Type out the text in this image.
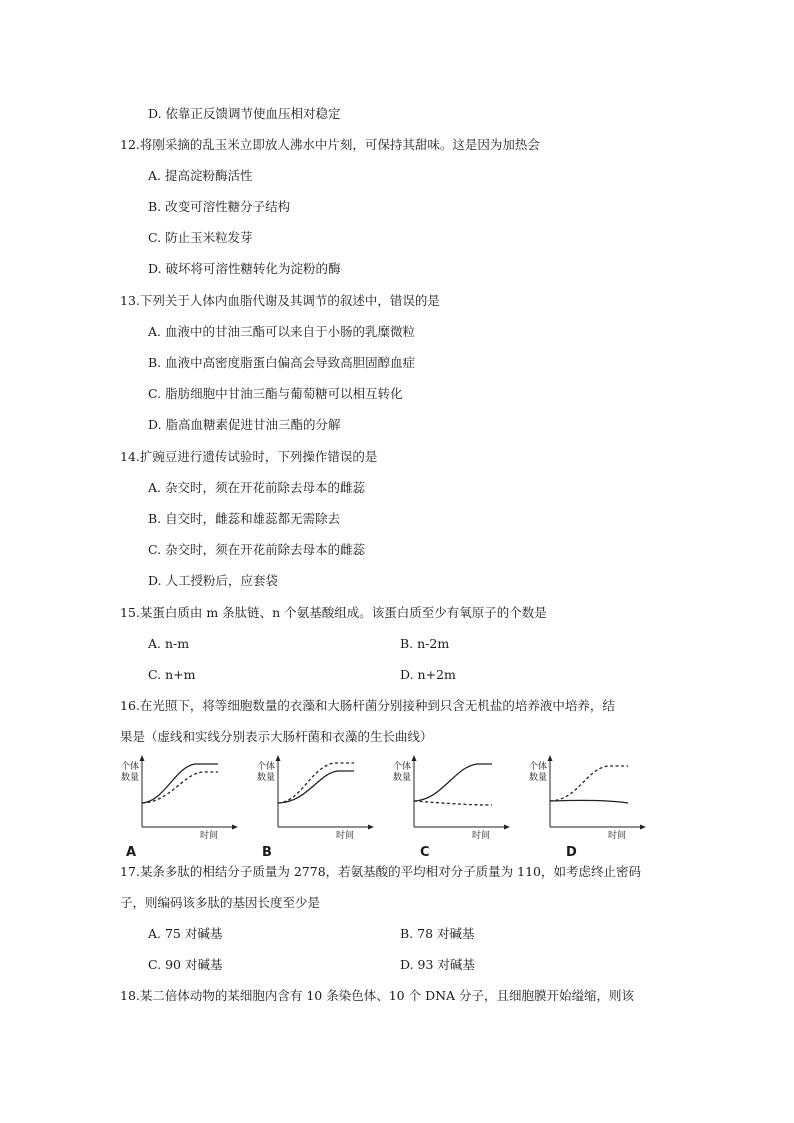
D. 依靠正反馈调节使血压相对稳定
12.将刚采摘的乱玉米立即放人沸水中片刻，可保持其甜味。这是因为加热会
A. 提高淀粉酶活性
B. 改变可溶性糖分子结构
C. 防止玉米粒发芽
D. 破坏将可溶性糖转化为淀粉的酶
13.下列关于人体内血脂代谢及其调节的叙述中，错误的是
A. 血液中的甘油三酯可以来自于小肠的乳糜微粒
B. 血液中高密度脂蛋白偏高会导致高胆固醇血症
C. 脂肪细胞中甘油三酯与葡萄糖可以相互转化
D. 脂高血糖素促进甘油三酯的分解
14.扩豌豆进行遗传试验时，下列操作错误的是
A. 杂交时，须在开花前除去母本的雌蕊
B. 自交时，雌蕊和雄蕊都无需除去
C. 杂交时，须在开花前除去母本的雌蕊
D. 人工授粉后，应套袋
15.某蛋白质由 m 条肽链、n 个氨基酸组成。该蛋白质至少有氧原子的个数是
A. n-m	B. n-2m
C. n+m	D. n+2m
16.在光照下，将等细胞数量的衣藻和大肠杆菌分别接种到只含无机盐的培养液中培养，结
果是（虚线和实线分别表示大肠杆菌和衣藻的生长曲线）
个体
数量
时间
A
个体
数量
时间
B
个体
数量
时间
C
个体
数量
时间
D
17.某条多肽的相结分子质量为 2778，若氨基酸的平均相对分子质量为 110，如考虑终止密码
子，则编码该多肽的基因长度至少是
A. 75 对碱基	B. 78 对碱基
C. 90 对碱基	D. 93 对碱基
18.某二倍体动物的某细胞内含有 10 条染色体、10 个 DNA 分子，且细胞膜开始缢缩，则该
